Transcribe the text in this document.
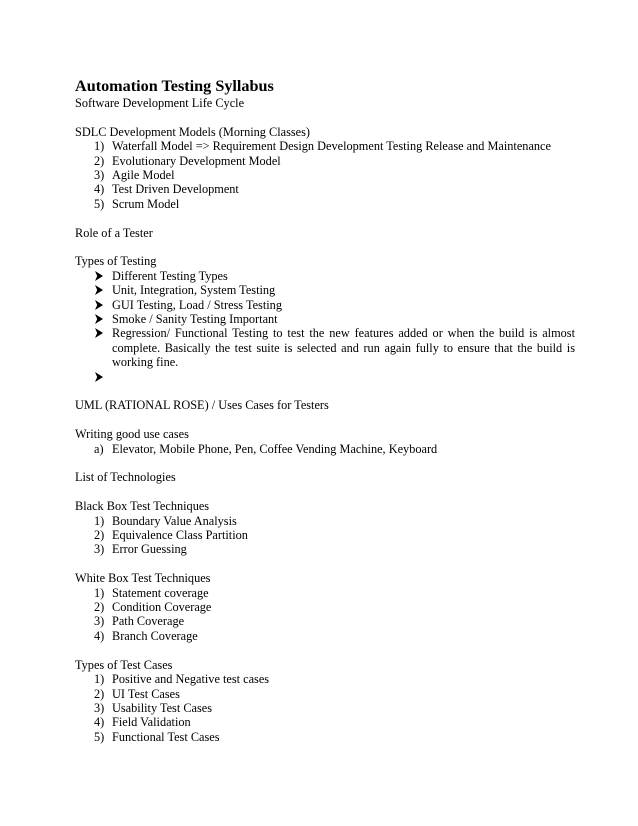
Automation Testing Syllabus
Software Development Life Cycle
SDLC Development Models (Morning Classes)
1) Waterfall Model => Requirement Design Development Testing Release and Maintenance
2) Evolutionary Development Model
3) Agile Model
4) Test Driven Development
5) Scrum Model
Role of a Tester
Types of Testing
Different Testing Types
Unit, Integration, System Testing
GUI Testing, Load / Stress Testing
Smoke / Sanity Testing Important
Regression/ Functional Testing to test the new features added or when the build is almost complete. Basically the test suite is selected and run again fully to ensure that the build is working fine.
UML (RATIONAL ROSE) / Uses Cases for Testers
Writing good use cases
a) Elevator, Mobile Phone, Pen, Coffee Vending Machine, Keyboard
List of Technologies
Black Box Test Techniques
1) Boundary Value Analysis
2) Equivalence Class Partition
3) Error Guessing
White Box Test Techniques
1) Statement coverage
2) Condition Coverage
3) Path Coverage
4) Branch Coverage
Types of Test Cases
1) Positive and Negative test cases
2) UI Test Cases
3) Usability Test Cases
4) Field Validation
5) Functional Test Cases
